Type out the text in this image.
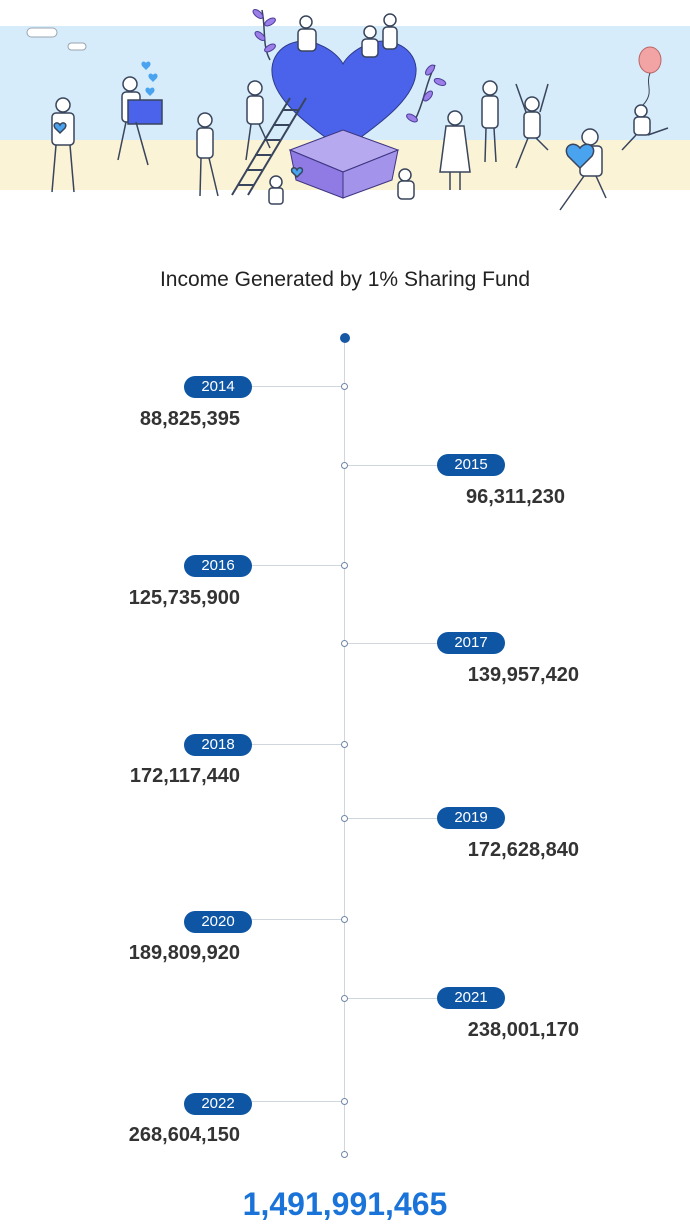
Income Generated by 1% Sharing Fund
2014
88,825,395
2015
96,311,230
2016
125,735,900
2017
139,957,420
2018
172,117,440
2019
172,628,840
2020
189,809,920
2021
238,001,170
2022
268,604,150
1,491,991,465
